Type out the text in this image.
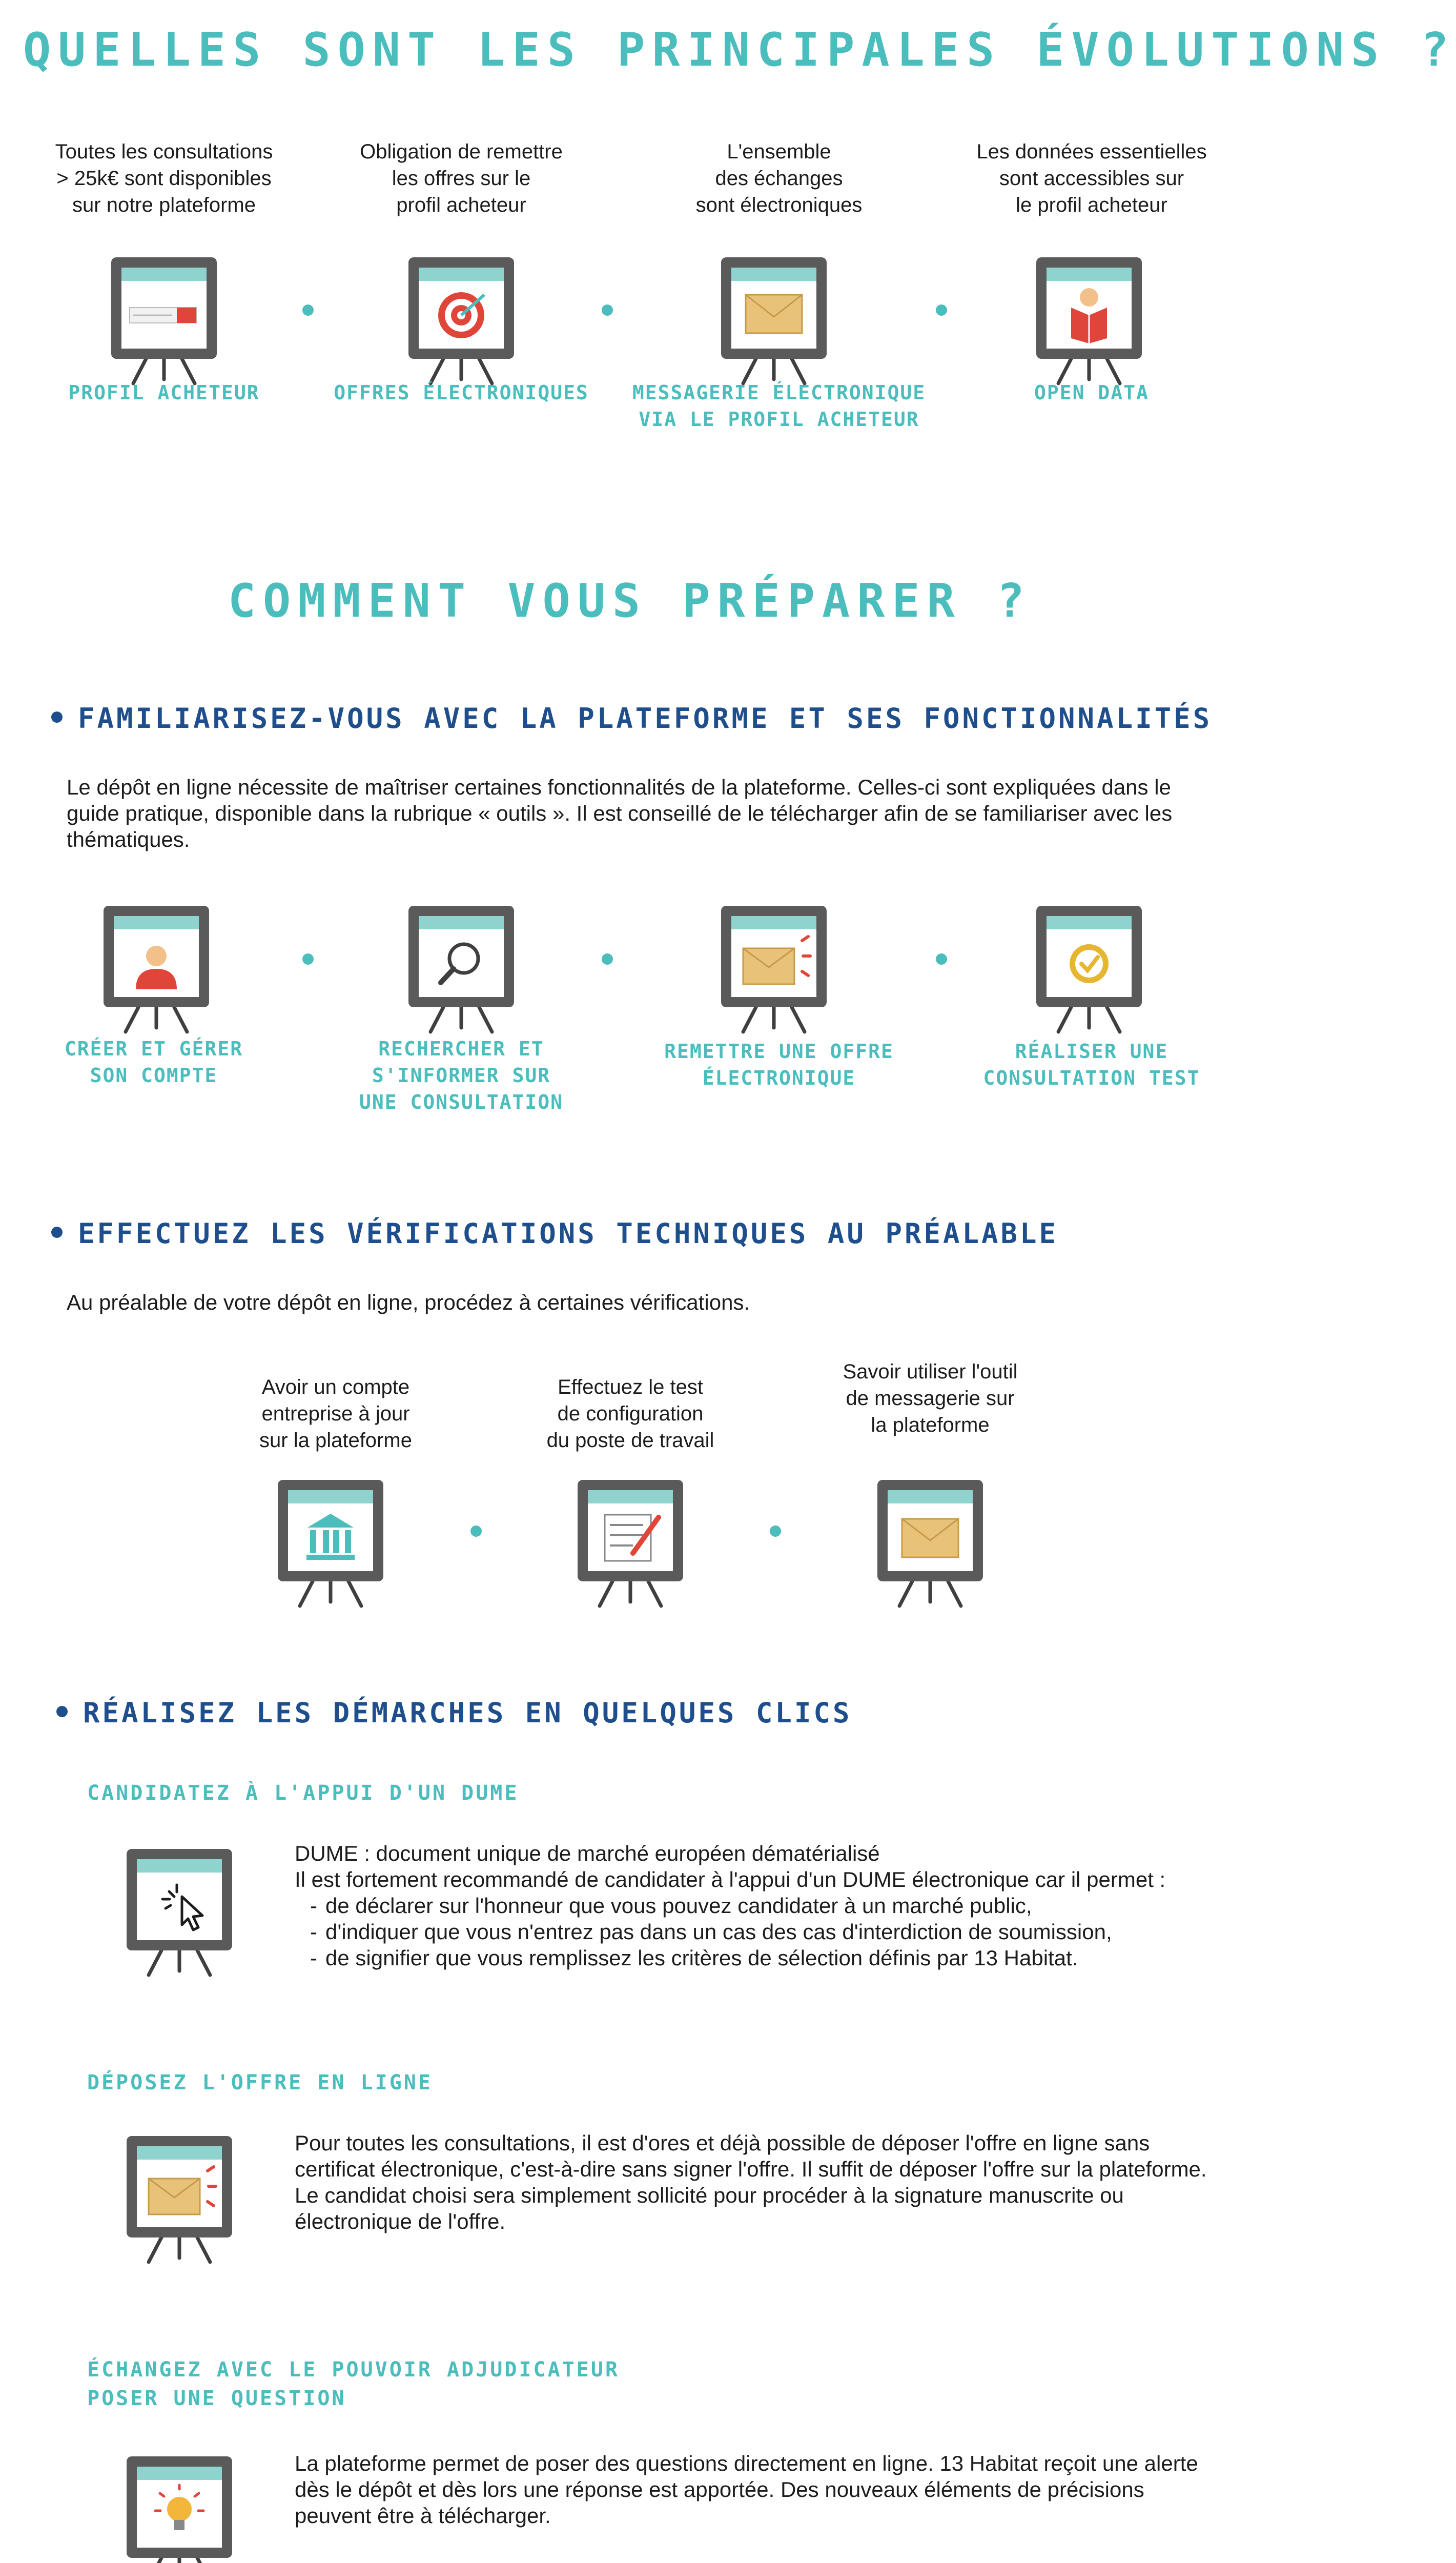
QUELLES SONT LES PRINCIPALES ÉVOLUTIONS ?
Toutes les consultations
> 25k€ sont disponibles
sur notre plateforme
Obligation de remettre
les offres sur le
profil acheteur
L'ensemble
des échanges
sont électroniques
Les données essentielles
sont accessibles sur
le profil acheteur
PROFIL ACHETEUR	OFFRES ÉLECTRONIQUES	MESSAGERIE ÉLECTRONIQUE
VIA LE PROFIL ACHETEUR
OPEN DATA
COMMENT VOUS PRÉPARER ?
FAMILIARISEZ-VOUS AVEC LA PLATEFORME ET SES FONCTIONNALITÉS
Le dépôt en ligne nécessite de maîtriser certaines fonctionnalités de la plateforme. Celles-ci sont expliquées dans le guide pratique, disponible dans la rubrique « outils ». Il est conseillé de le télécharger afin de se familiariser avec les thématiques.
CRÉER ET GÉRER
SON COMPTE
RECHERCHER ET
S'INFORMER SUR
UNE CONSULTATION
REMETTRE UNE OFFRE
ÉLECTRONIQUE
RÉALISER UNE
CONSULTATION TEST
EFFECTUEZ LES VÉRIFICATIONS TECHNIQUES AU PRÉALABLE
Au préalable de votre dépôt en ligne, procédez à certaines vérifications.
Avoir un compte
entreprise à jour
sur la plateforme
Effectuez le test
de configuration
du poste de travail
Savoir utiliser l'outil
de messagerie sur
la plateforme
RÉALISEZ LES DÉMARCHES EN QUELQUES CLICS
CANDIDATEZ À L'APPUI D'UN DUME

DUME : document unique de marché européen dématérialisé

Il est fortement recommandé de candidater à l'appui d'un DUME électronique car il permet :

- de déclarer sur l'honneur que vous pouvez candidater à un marché public,
- d'indiquer que vous n'entrez pas dans un cas des cas d'interdiction de soumission,
- de signifier que vous remplissez les critères de sélection définis par 13 Habitat.
DÉPOSEZ L'OFFRE EN LIGNE

Pour toutes les consultations, il est d'ores et déjà possible de déposer l'offre en ligne sans certificat électronique, c'est-à-dire sans signer l'offre. Il suffit de déposer l'offre sur la plateforme.

Le candidat choisi sera simplement sollicité pour procéder à la signature manuscrite ou électronique de l'offre.

ÉCHANGEZ AVEC LE POUVOIR ADJUDICATEUR
POSER UNE QUESTION

La plateforme permet de poser des questions directement en ligne. 13 Habitat reçoit une alerte dès le dépôt et dès lors une réponse est apportée. Des nouveaux éléments de précisions peuvent être à télécharger.
